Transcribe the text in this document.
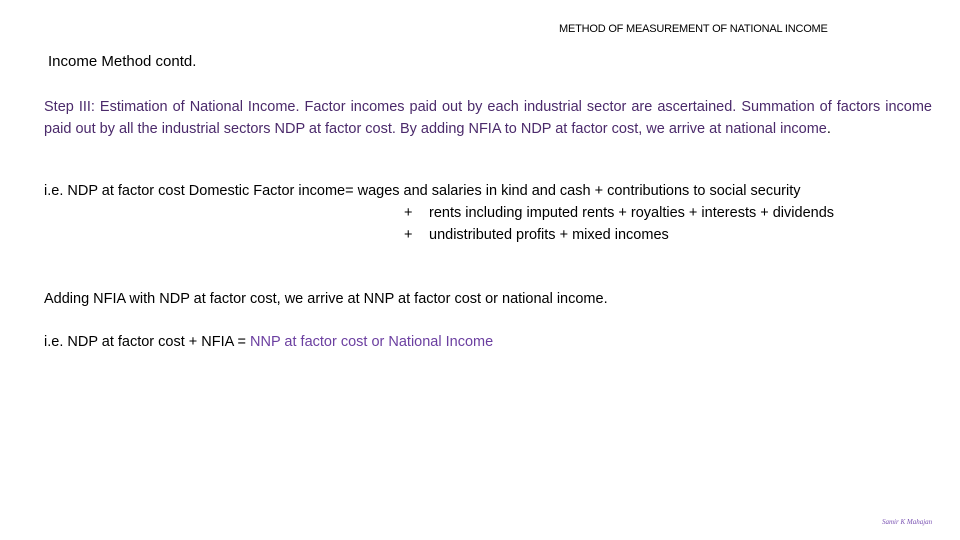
METHOD OF MEASUREMENT OF NATIONAL INCOME
Income Method contd.
Step III: Estimation of National Income. Factor incomes paid out by each industrial sector are ascertained. Summation of factors income paid out by all the industrial sectors NDP at factor cost. By adding NFIA to NDP at factor cost, we arrive at national income.
i.e. NDP at factor cost Domestic Factor income= wages and salaries in kind and cash + contributions to social security
+ rents including imputed rents + royalties + interests + dividends
+ undistributed profits + mixed incomes
Adding NFIA with NDP at factor cost, we arrive at NNP at factor cost or national income.
i.e. NDP at factor cost + NFIA = NNP at factor cost or National Income
Samir K Mahajan
